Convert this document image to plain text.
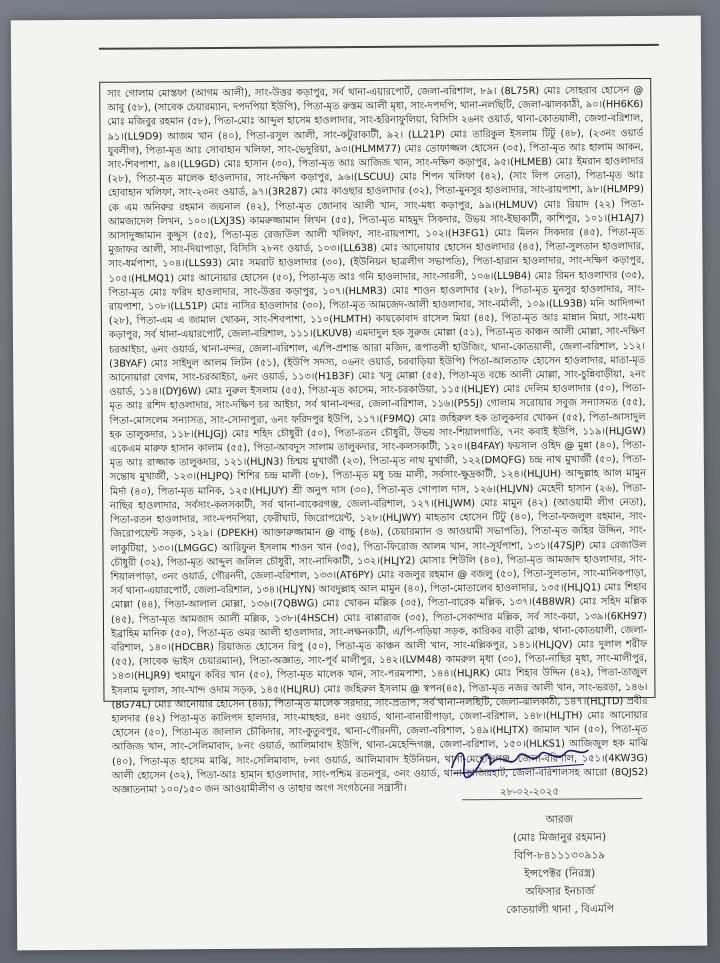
সাং গোলাম মোস্তফা (আগম আলী), সাং-উত্তর কড়াপুর, সর্ব থানা-এয়ারপোর্ট, জেলা-বরিশাল, ৮৯। (8L75R) মোঃ সোহরাব হোসেন @ আবু (৫৮), (সাবেক চেয়ারম্যান, দপদপিয়া ইউপি), পিতা-মৃত রুস্তম আলী মৃধা, সাং-দপদপি, থানা-নলছিটি, জেলা-ঝালকাঠী, ৯০।(HH6K6) মোঃ মজিবুর রহমান (৫৮), পিতা-মোঃ আব্দুল হাসেম হাওলাদার, সাং-হরিনাফুলিয়া, বিসিসি ২৬নং ওয়ার্ড, থানা-কোতয়ালী, জেলা-বরিশাল, ৯১।(LL9D9) আজম খান (৪০), পিতা-রসুল আলী, সাং-কটুরাকাটী, ৯২। (LL21P) মোঃ তারিকুল ইসলাম টিটু (৪৮), (২৩নং ওয়ার্ড যুবলীগ), পিতা-মৃত আঃ সোবাহান খলিফা, সাং-ভেদুরিয়া, ৯৩।(HLMM77) মোঃ তোফাজ্জল হোসেন (৩৫), পিতা-মৃত আঃ হালাম আকন, সাং-শিবপাশা, ৯৪।(LL9GD) মোঃ হাসান (৩০), পিতা-মৃত আঃ আজিজ খান, সাং-দক্ষিণ কড়াপুর, ৯৫।(HLMEB) মোঃ ইমরান হাওলাদার (২৮), পিতা-মৃত মালেক হাওলাদার, সাং-দক্ষিণ কড়াপুর, ৯৬।(LSCUU) মোঃ শিপন খলিফা (৪২), (সাং লিপ নেতা), পিতা-মৃত আঃ হোবাহান খলিফা, সাং-২৩নং ওয়ার্ড, ৯৭।(3R287) মোঃ কাওছার হাওলাদার (৩২), পিতা-মুনসুর হাওলাদার, সাং-রায়পাশা, ৯৮।(HLMP9) কে এম অনিরুর রহমান জয়নাল (৪২), পিতা-মৃত জোনাব আলী খান, সাং-মধ্য কড়াপুর, ৯৯।(HLMUV) মোঃ রিয়াদ (২২) পিতা-আমজাদেল লিখন, ১০০।(LXJ3S) কামরুজ্জামান লিখন (৫৫), পিতা-মৃত মাহমুদ সিকদার, উভয় সাং-ইছাকাটী, কাশিপুর, ১০১।(H1AJ7) আসাদুজ্জামান কুদ্দুস (৫৫), পিতা-মৃত রেজাউল আলী খলিফা, সাং-রায়পাশা, ১০২।(H3FG1) মোঃ মিলন সিকদার (৪৫), পিতা-মৃত মুজাফর আলী, সাং-দিয়াপাড়া, বিসিসি ২৮নং ওয়ার্ড, ১০৩।(LL638) মোঃ আনোয়ার হোসেন হাওলাদার (৪৫), পিতা-সুলতান হাওলাদার, সাং-ধর্মপাশা, ১০৪।(LLS93) মোঃ সমরাট হাওলাদার (৩০), (ইউনিয়ন ছাত্রলীগ সভাপতি), পিতা-হারান হাওলাদার, সাং-দক্ষিণ কড়াপুর, ১০৫।(HLMQ1) মোঃ আনোয়ার হোসেন (৫০), পিতা-মৃত আঃ গনি হাওলাদার, সাং-সারসী, ১০৬।(LL9B4) মোঃ রিমন হাওলাদার (৩৫), পিতা-মৃত মোঃ ফরিদ হাওলাদার, সাং-উত্তর কড়াপুর, ১০৭।(HLMR3) মোঃ শাওন হাওলাদার (২৮), পিতা-মৃত মুনসুর হাওলাদার, সাং-রায়পাশা, ১০৮।(LL51P) মোঃ নাসির হাওলাদার (৩০), পিতা-মৃত আমজেদ-আলী হাওলাদার, সাং-বর্মালী, ১০৯।(LL93B) মনি আদিগন্দা (২৮), পিতা-এম এ জামাল খোকন, সাং-শিবপাশা, ১১০(HLMTH) কায়কোবাদ রাসেল মিয়া (৪৫), পিতা-মৃত আঃ মান্নান মিয়া, সাং-মধ্য কড়াপুর, সর্ব থানা-এয়ারপোর্ট, জেলা-বরিশাল, ১১১।(LKUV8) এমদাদুল হক সুরুজ মোল্লা (৫১), পিতা-মৃত কাঞ্চন আলী মোল্লা, সাং-দক্ষিণ চরআইচা, ৬নং ওয়ার্ড, থানা-বন্দর, জেলা-বরিশাল, এ/পি-প্রশান্ত আরা মজিদ, রূপাতলী হাউজিং, থানা-কোতয়ালী, জেলা-বরিশাল, ১১২।(3BYAF) মোঃ সাইদুল আলম লিটন (৫১), (ইউপি সদস্য, ০৬নং ওয়ার্ড, চরবাড়িয়া ইউপি) পিতা-আলতাফ হোসেন হাওলাদার, মাতা-মৃত আনোয়ারা বেগম, সাং-চরআইচা, ৬নং ওয়ার্ড, ১১৩।(H1B3F) মোঃ খসু মোল্লা (৫৫), পিতা-মৃত বচ্চে আলী মোল্লা, সাং-চুন্নিবাড়ীয়া, ২নং ওয়ার্ড, ১১৪।(DYJ6W) মোঃ নুরুল ইসলাম (৫৫), পিতা-মৃত কাসেম, সাং-চরকাউয়া, ১১৫।(HLJEY) মোঃ দেলিম হাওলাদার (৫০), পিতা-মৃত আঃ রশিদ হাওলাদার, সাং-দক্ষিণ চর আইচা, সর্ব থানা-বন্দর, জেলা-বরিশাল, ১১৬।(P55J) গোলাম সরোয়ার সবুজ সন্যাসমত (৫৫), পিতা-মোসলেম সন্যাসত, সাং-সোনাপুরা, ৬নং ফরিদপুর ইউপি, ১১৭।(F9MQ) মোঃ জহিরুল হক তালুকদার খোকন (৫৫), পিতা-আসাদুল হক তালুকদার, ১১৮।(HLJGJ) মোঃ শহিদ চৌধুরী (৫০), পিতা-রতন চৌধুরী, উভয় সাং-শিয়ালগাতি, ৭নং কবাই ইউপি, ১১৯।(HLJGW) একেএম মারুফ হাসান কালাম (৫৫), পিতা-আবদুস সালাম তালুকদার, সাং-কলসকাটী, ১২০।(B4FAY) ফয়সাল ওহিদ @ মুন্না (৪০), পিতা-মৃত আঃ রাজ্জাক তালুকদার, ১২১।(HLJN3) চিন্ময় মুখার্জী (২৩), পিতা-মৃত নাথ মুখার্জী, ১২২(DMQFG) চন্দ্র নাথ মুখার্জী (৫০), পিতা-সন্তোষ মুখার্জী, ১২৩।(HLJPQ) শিশির চন্দ্র মালী (৩৮), পিতা-মৃত মধু চন্দ্র মালী, সর্বসাং-ক্ষুদ্রকাটী, ১২৪।(HLJUH) আব্দুল্লাহ আল মামুন মির্দা (৪০), পিতা-মৃত মানিক, ১২৫।(HLJUY) শ্রী অনুপ দাস (৩০), পিতা-মৃত গোপাল দাস, ১২৬।(HLJVN) মেহেদী হাসান (২৬), পিতা-নাছির হাওলাদার, সর্বসাং-কলসকাটী, সর্ব থানা-বাকেরগঞ্জ, জেলা-বরিশাল, ১২৭।(HLJWM) মোঃ মামুন (৪২) (আওয়ামী লীগ নেতা), পিতা-রতন হাওলাদার, সাং-দপদপিয়া, ফেরীঘাট, জিরোপয়েন্ট, ১২৮।(HLJWY) মাহতাব হোসেন টিটু (৪০), পিতা-ফজলুল রহমান, সাং-জিরোপয়েন্ট সড়ক, ১২৯। (DPEKH) আক্তারুজ্জামান @ বাচ্চু (৪৬), (চেয়ারম্যান ও আওয়ামী সভাপতি), পিতা-মৃত জহির উদ্দিন, সাং-লাকুটিয়া, ১৩০।(LMGGC) আরিফুল ইসলাম শাওন খান (৩৫), পিতা-ফিরোজ আলম খান, সাং-সূর্যপাশা, ১৩১।(47SJP) মোঃ রেজাউল চৌধুরী (৩২), পিতা-মৃত আব্দুল জলিল চৌধুরী, সাং-নাদিকাটী, ১৩২।(HLJY2) মোসাঃ শিউলি (৪০), পিতা-মৃত আমজাদ হাওলাদার, সাং-শিয়ালপাড়া, ৩নং ওয়ার্ড, গৌরনদী, জেলা-বরিশাল, ১৩৩।(AT6PY) মোঃ বজলুর রহমান @ বজলু (৫০), পিতা-সুলতান, সাং-মানিকপাড়া, সর্ব থানা-এয়ারপোর্ট, জেলা-বরিশাল, ১৩৪।(HLJYN) আবদুল্লাহ আল মামুন (৪০), পিতা-মোতালেব হাওলাদার, ১৩৫।(HLJQ1) মোঃ শিহাব মোল্লা (৪৪), পিতা-আলাল মোল্লা, ১৩৬।(7QBWG) মোঃ খোকন মল্লিক (৩৫), পিতা-বারেক মল্লিক, ১৩৭।(4B8WR) মোঃ সহিদ মল্লিক (৪৫), পিতা-মৃত আমজাদ আলী মল্লিক, ১৩৮।(4HSCH) মোঃ বাপ্পারাজ (৩৫), পিতা-সেকান্দার মল্লিক, সর্ব সাং-কয়া, ১৩৯।(6KH97) ইব্রাহিম মানিক (৫০), পিতা-মৃত ওমর আলী হাওলাদার, সাং-লক্ষনকাটী, এ/পি-গড়িয়া সড়ক, কারিকর বাড়ী ব্রাঞ্চ, থানা-কোতয়ালী, জেলা-বরিশাল, ১৪০।(HDCBR) রিয়াজত হোসেন রিপু (৫০), পিতা-মৃত কাঞ্চন আলী খান, সাং-মল্লিকপুর, ১৪১।(HLJQV) মোঃ দুলাল শরীফ (৫৫), (সাবেক ভাইস চেয়ারম্যান), পিতা-অজ্ঞাত, সাং-পূর্ব মালীপুর, ১৪২।(LVM48) কামরুল মৃধা (৩০), পিতা-নাছির মৃধা, সাং-মালীপুর, ১৪৩।(HLJR9) হুমায়ুন কবির খান (৫০), পিতা-মৃত মালেক খান, সাং-পরমপাশা, ১৪৪।(HLJRK) মোঃ শিহাব উদ্দিন (৪২), পিতা-তাজুল ইসলাম দুলাল, সাং-খান্দ ওদাম সড়ক, ১৪৫।(HLJRU) মোঃ জহিরুল ইসলাম @ স্বপন(৪৫), পিতা-মৃত নজর আলী খান, সাং-ভরড়া, ১৪৬।(8G74L) মোঃ আনোয়ার হোসেন (৪৬), পিতা-মৃত মালেক সরদার, সাং-প্রতাপ, সর্ব থানা-নলছিটি, জেলা-ঝালকাঠী, ১৪৭।(HLJTD) প্রবীর হালদার (৪২) পিতা-মৃত কালিপদ হালদার, সাং-মাছহর, ৪নং ওয়ার্ড, থানা-বানারীপাড়া, জেলা-বরিশাল, ১৪৮।(HLJTH) মোঃ আনোয়ার হোসেন (৫০), পিতা-মৃত জালাল চৌকিদার, সাং-কুতুবপুর, থানা-গৌরনদী, জেলা-বরিশাল, ১৪৯।(HLJTX) জামাল খান (৫০), পিতা-মৃত আজিজ খান, সাং-সেলিমাবাদ, ৮নং ওয়ার্ড, আলিমাবাদ ইউপি, থানা-মেহেন্দিগঞ্জ, জেলা-বরিশাল, ১৫০।(HLKS1) আজিজুল হক মাঝি (৪০), পিতা-মৃত হাসেম মাঝি, সাং-সেলিমাবাদ, ৮নং ওয়ার্ড, আলিমাবাদ ইউনিয়ন, থানা-মেহেন্দিগঞ্জ, জেলা-বরিশাল, ১৫১।(4KW3G) আলী হোসেন (৩২), পিতা-আঃ হামান হাওলাদার, সাং-পশ্চিম রতনপুর, ৩নং ওয়ার্ড, থানা-কাজিরহাট, জেলা-বরিশালসহ আরো (8QJS2) অজ্ঞাতনামা ১০০/১৫০ জন আওয়ামীলীগ ও তাহার অংগ সংগঠনের সন্ত্রাসী।	২৮-০২-২০২৫
আরজ
(মোঃ মিজানুর রহমান)
বিপি-৮৪১১১৩০৯১৯
ইন্সপেক্টর (নিরস্ত্র)
অফিসার ইনচার্জ
কোতয়ালী থানা , বিএমপি
